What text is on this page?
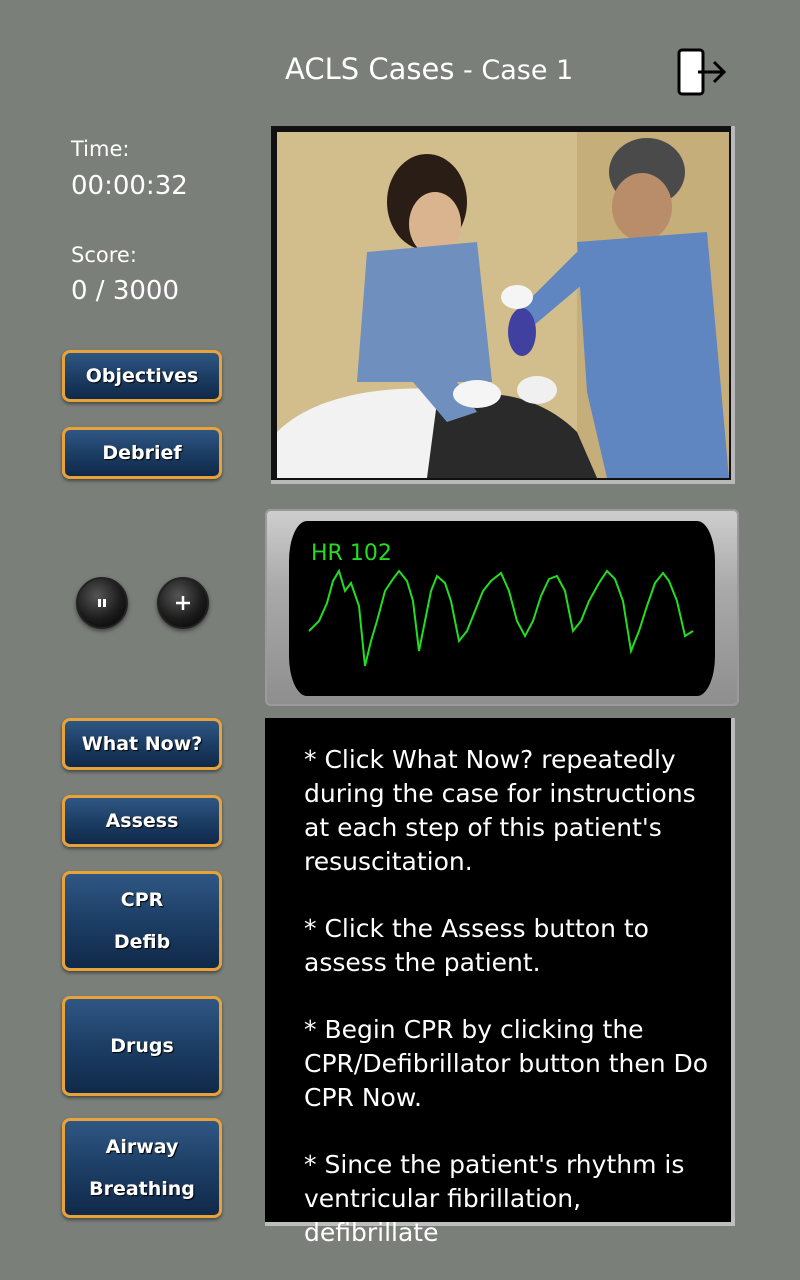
ACLS Cases - Case 1
Time:
00:00:32
Score:
0 / 3000
Objectives
Debrief
What Now?
Assess
CPR
Defib
Drugs
Airway
Breathing
HR 102

* Click What Now? repeatedly during the case for instructions at each step of this patient's resuscitation.

* Click the Assess button to assess the patient.

* Begin CPR by clicking the CPR/Defibrillator button then Do CPR Now.

* Since the patient's rhythm is ventricular fibrillation, defibrillate
